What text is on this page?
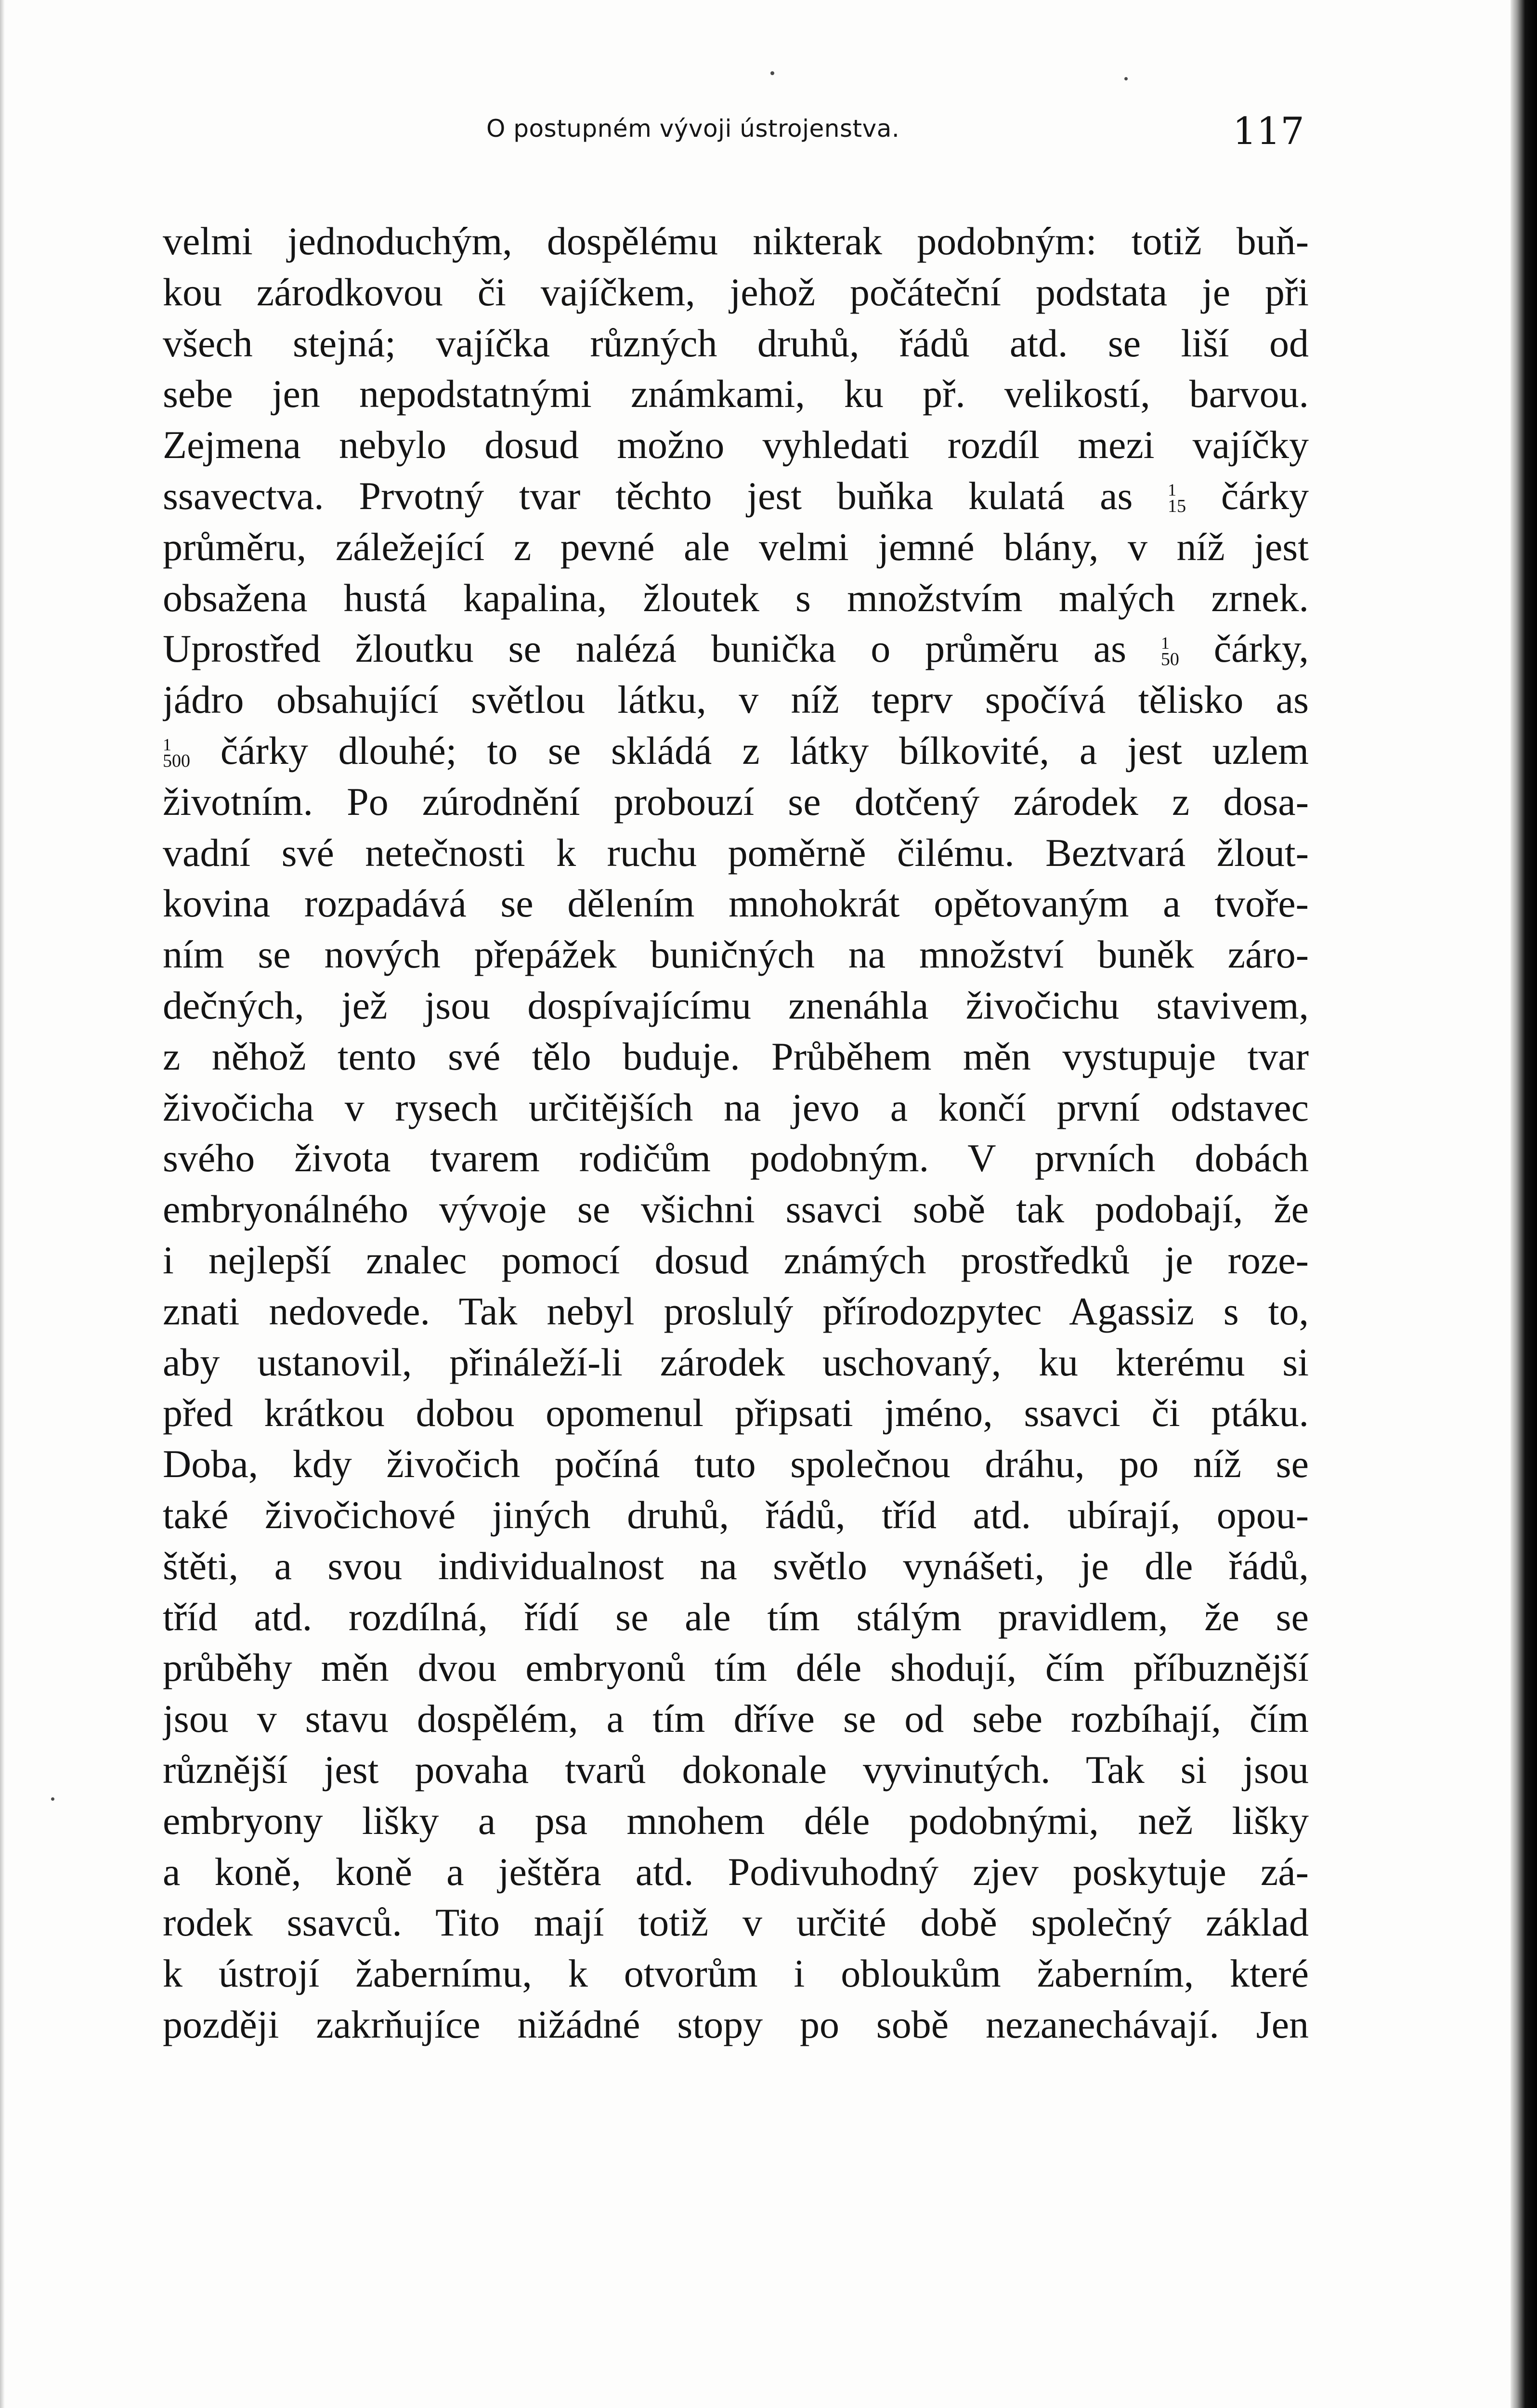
O postupném vývoji ústrojenstva.	117
velmi jednoduchým, dospělému nikterak podobným: totiž buň-
kou zárodkovou či vajíčkem, jehož počáteční podstata je při
všech stejná; vajíčka různých druhů, řádů atd. se liší od
sebe jen nepodstatnými známkami, ku př. velikostí, barvou.
Zejmena nebylo dosud možno vyhledati rozdíl mezi vajíčky
ssavectva. Prvotný tvar těchto jest buňka kulatá as 1
15 čárky
průměru, záležející z pevné ale velmi jemné blány, v níž jest
obsažena hustá kapalina, žloutek s množstvím malých zrnek.
Uprostřed žloutku se nalézá bunička o průměru as 1
50 čárky,
jádro obsahující světlou látku, v níž teprv spočívá tělisko as
1
500 čárky dlouhé; to se skládá z látky bílkovité, a jest uzlem
životním. Po zúrodnění probouzí se dotčený zárodek z dosa-
vadní své netečnosti k ruchu poměrně čilému. Beztvará žlout-
kovina rozpadává se dělením mnohokrát opětovaným a tvoře-
ním se nových přepážek buničných na množství buněk záro-
dečných, jež jsou dospívajícímu znenáhla živočichu stavivem,
z něhož tento své tělo buduje. Průběhem měn vystupuje tvar
živočicha v rysech určitějších na jevo a končí první odstavec
svého života tvarem rodičům podobným. V prvních dobách
embryonálného vývoje se všichni ssavci sobě tak podobají, že
i nejlepší znalec pomocí dosud známých prostředků je roze-
znati nedovede. Tak nebyl proslulý přírodozpytec Agassiz s to,
aby ustanovil, přináleží-li zárodek uschovaný, ku kterému si
před krátkou dobou opomenul připsati jméno, ssavci či ptáku.
Doba, kdy živočich počíná tuto společnou dráhu, po níž se
také živočichové jiných druhů, řádů, tříd atd. ubírají, opou-
štěti, a svou individualnost na světlo vynášeti, je dle řádů,
tříd atd. rozdílná, řídí se ale tím stálým pravidlem, že se
průběhy měn dvou embryonů tím déle shodují, čím příbuznější
jsou v stavu dospělém, a tím dříve se od sebe rozbíhají, čím
různější jest povaha tvarů dokonale vyvinutých. Tak si jsou
embryony lišky a psa mnohem déle podobnými, než lišky
a koně, koně a ještěra atd. Podivuhodný zjev poskytuje zá-
rodek ssavců. Tito mají totiž v určité době společný základ
k ústrojí žabernímu, k otvorům i obloukům žaberním, které
později zakrňujíce nižádné stopy po sobě nezanechávají. Jen
